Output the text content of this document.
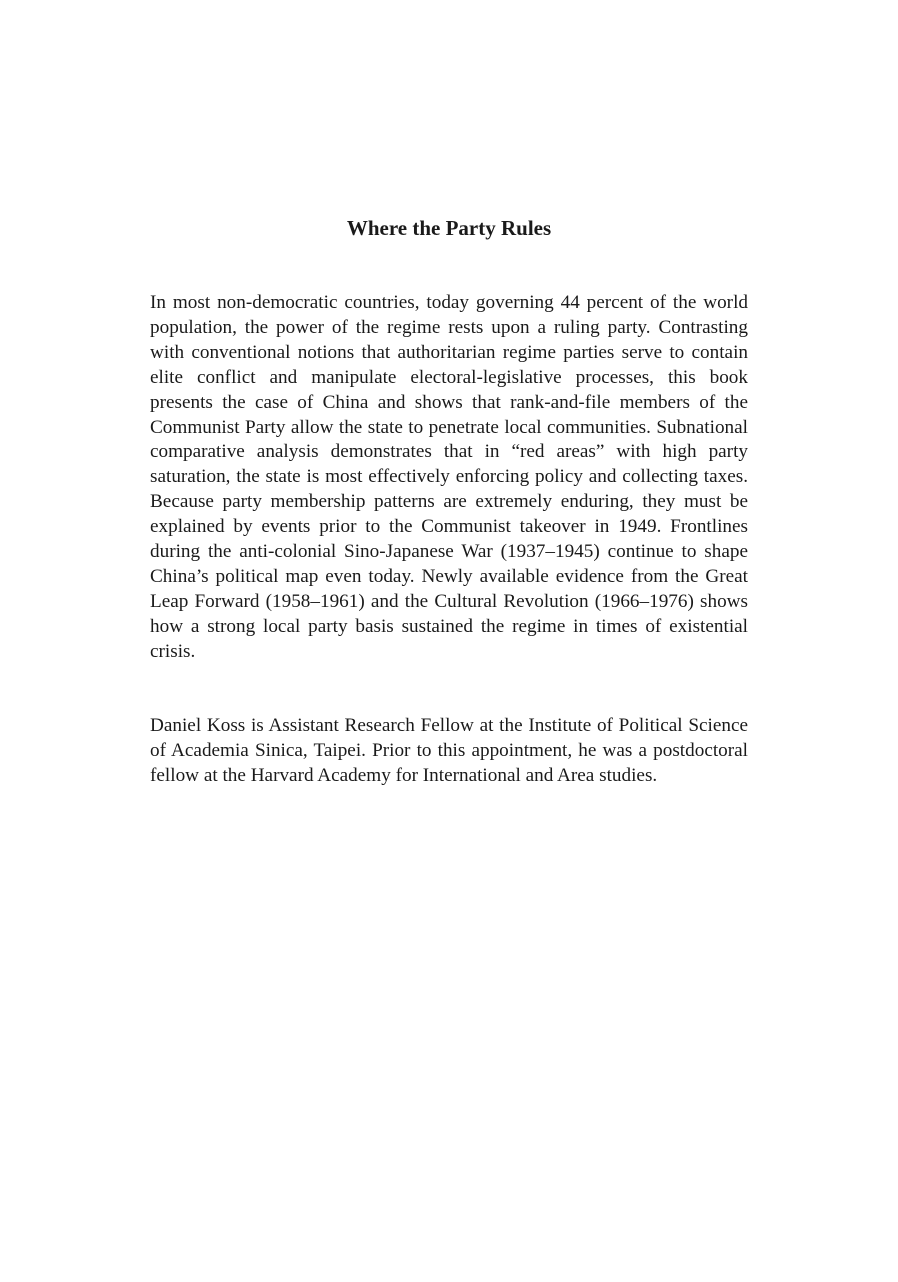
Where the Party Rules

In most non-democratic countries, today governing 44 percent of the world population, the power of the regime rests upon a ruling party. Contrasting with conventional notions that authoritarian regime parties serve to contain elite conflict and manipulate electoral-legislative processes, this book presents the case of China and shows that rank-and-file members of the Communist Party allow the state to penetrate local communities. Subnational comparative analysis demonstrates that in “red areas” with high party saturation, the state is most effectively enforcing policy and collecting taxes. Because party membership patterns are extremely enduring, they must be explained by events prior to the Communist takeover in 1949. Frontlines during the anti-colonial Sino-Japanese War (1937–1945) continue to shape China’s political map even today. Newly available evidence from the Great Leap Forward (1958–1961) and the Cultural Revolution (1966–1976) shows how a strong local party basis sustained the regime in times of existential crisis.

Daniel Koss is Assistant Research Fellow at the Institute of Political Science of Academia Sinica, Taipei. Prior to this appointment, he was a postdoctoral fellow at the Harvard Academy for International and Area studies.
